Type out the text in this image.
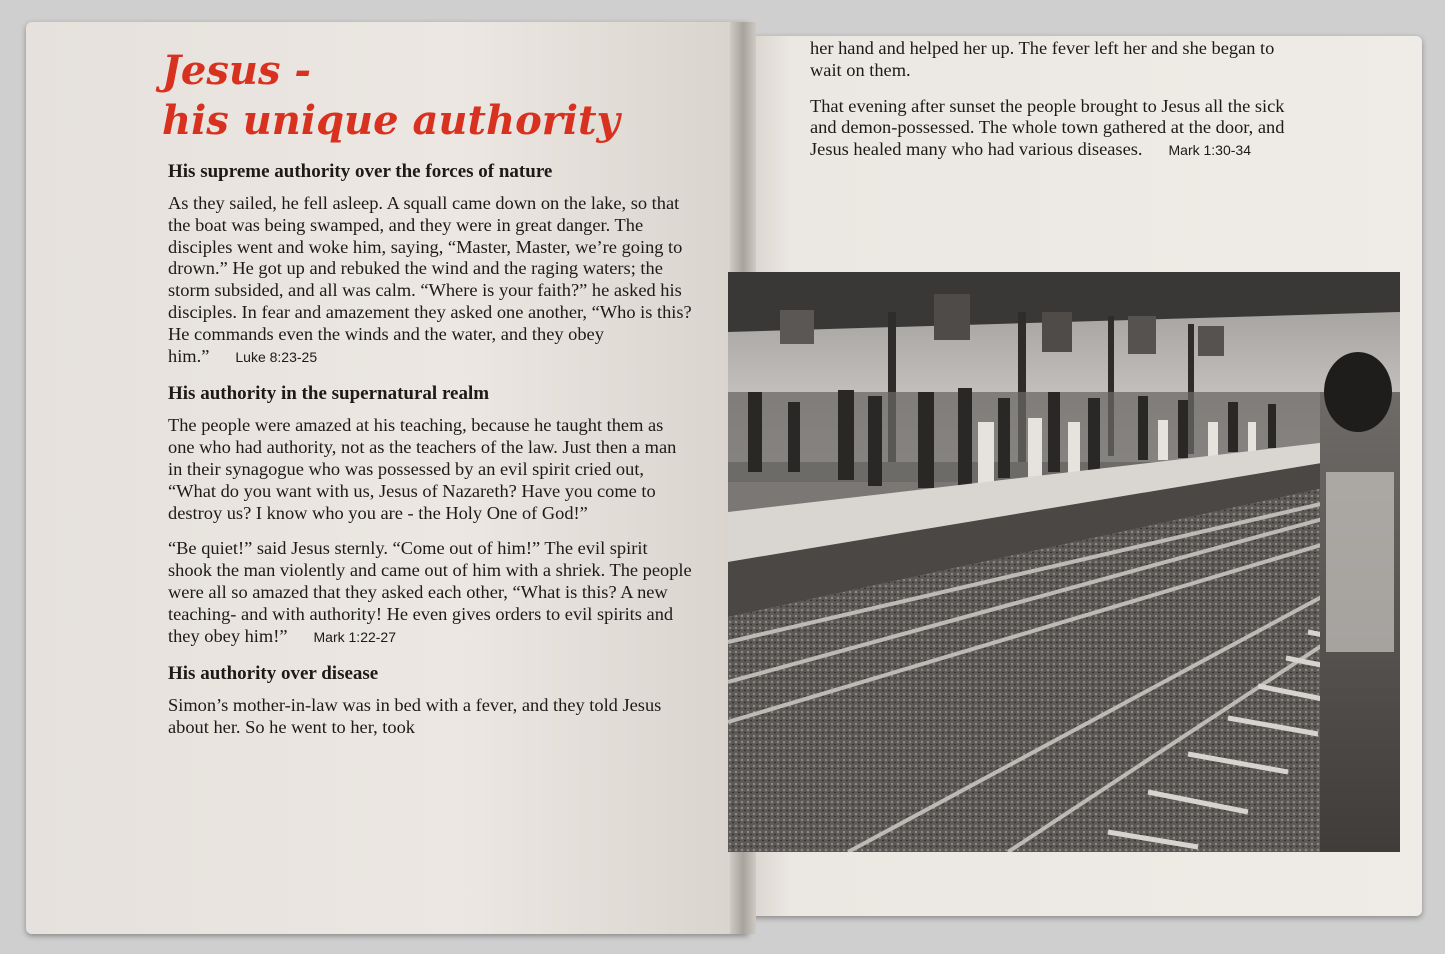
Jesus -
his unique authority

His supreme authority over the forces of nature

As they sailed, he fell asleep. A squall came down on the lake, so that the boat was being swamped, and they were in great danger. The disciples went and woke him, saying, “Master, Master, we’re going to drown.” He got up and rebuked the wind and the raging waters; the storm subsided, and all was calm. “Where is your faith?” he asked his disciples. In fear and amazement they asked one another, “Who is this? He commands even the winds and the water, and they obey him.” Luke 8:23-25

His authority in the supernatural realm

The people were amazed at his teaching, because he taught them as one who had authority, not as the teachers of the law. Just then a man in their synagogue who was possessed by an evil spirit cried out, “What do you want with us, Jesus of Nazareth? Have you come to destroy us? I know who you are - the Holy One of God!”

“Be quiet!” said Jesus sternly. “Come out of him!” The evil spirit shook the man violently and came out of him with a shriek. The people were all so amazed that they asked each other, “What is this? A new teaching- and with authority! He even gives orders to evil spirits and they obey him!” Mark 1:22-27

His authority over disease

Simon’s mother-in-law was in bed with a fever, and they told Jesus about her. So he went to her, took

her hand and helped her up. The fever left her and she began to wait on them.

That evening after sunset the people brought to Jesus all the sick and demon-possessed. The whole town gathered at the door, and Jesus healed many who had various diseases. Mark 1:30-34
